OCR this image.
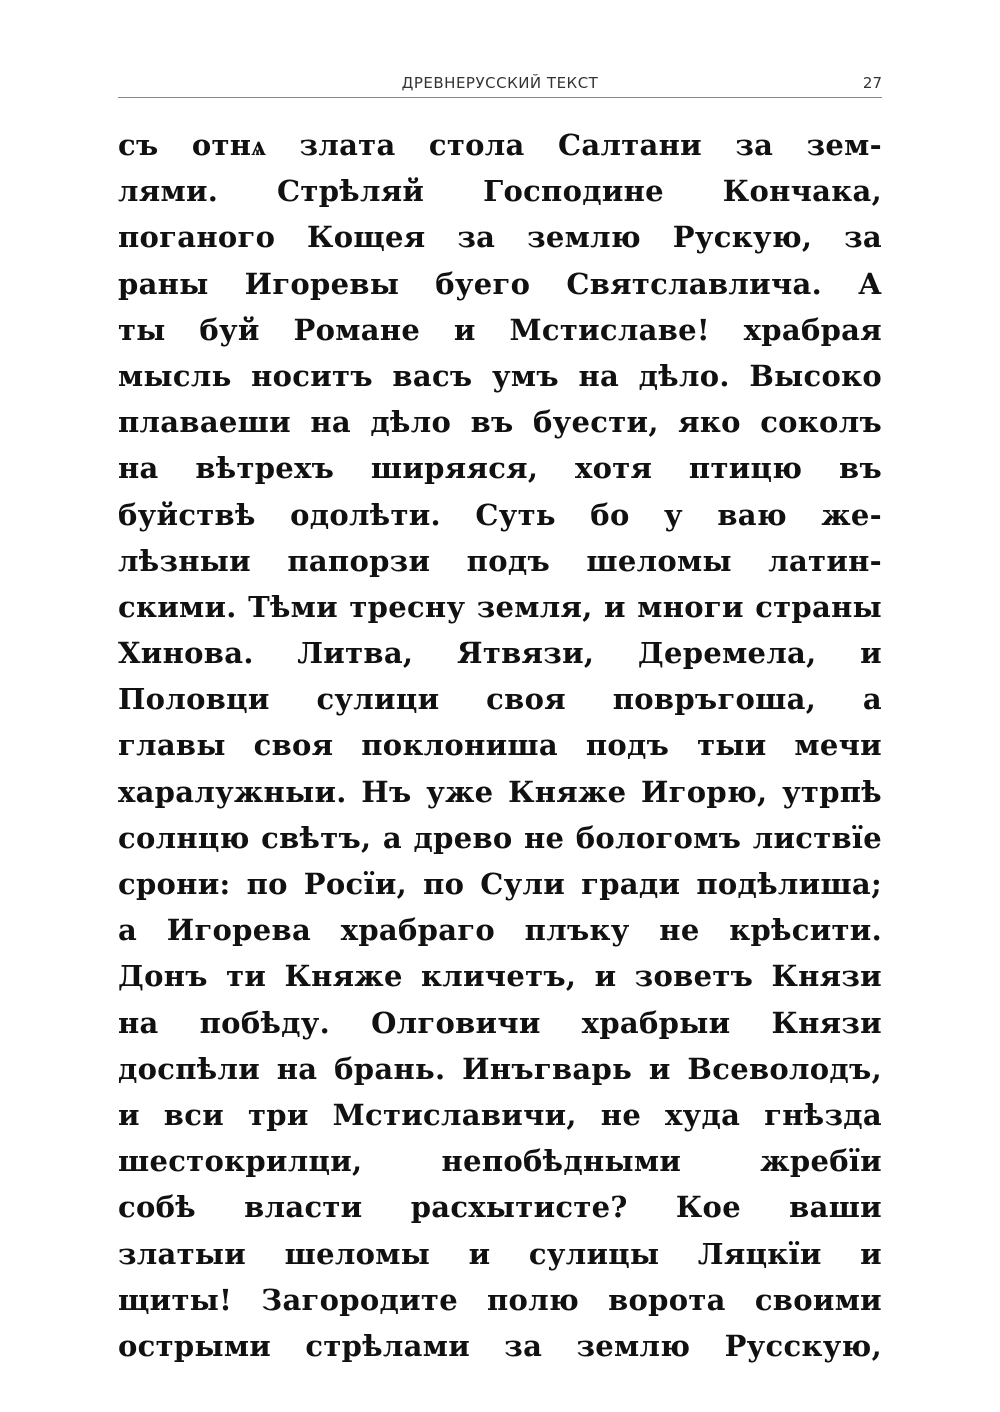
ДРЕВНЕРУССКИЙ ТЕКСТ	27
съ отнѧ злата стола Салтани за зем-
лями. Стрѣляй Господине Кончака,
поганого Кощея за землю Рускую, за
раны Игоревы буего Святславлича. А
ты буй Романе и Мстиславе! храбрая
мысль носитъ васъ умъ на дѣло. Высоко
плаваеши на дѣло въ буести, яко соколъ
на вѣтрехъ ширяяся, хотя птицю въ
буйствѣ одолѣти. Суть бо у ваю же-
лѣзныи папорзи подъ шеломы латин-
скими. Тѣми тресну земля, и многи страны
Хинова. Литва, Ятвязи, Деремела, и
Половци сулици своя повръгоша, а
главы своя поклониша подъ тыи мечи
харалужныи. Нъ уже Княже Игорю, утрпѣ
солнцю свѣтъ, а древо не бологомъ листвїе
срони: по Росїи, по Сули гради подѣлиша;
а Игорева храбраго плъку не крѣсити.
Донъ ти Княже кличетъ, и зоветъ Князи
на побѣду. Олговичи храбрыи Князи
доспѣли на брань. Инъгварь и Всеволодъ,
и вси три Мстиславичи, не худа гнѣзда
шестокрилци, непобѣдными жребїи
собѣ власти расхытисте? Кое ваши
златыи шеломы и сулицы Ляцкїи и
щиты! Загородите полю ворота своими
острыми стрѣлами за землю Русскую,
